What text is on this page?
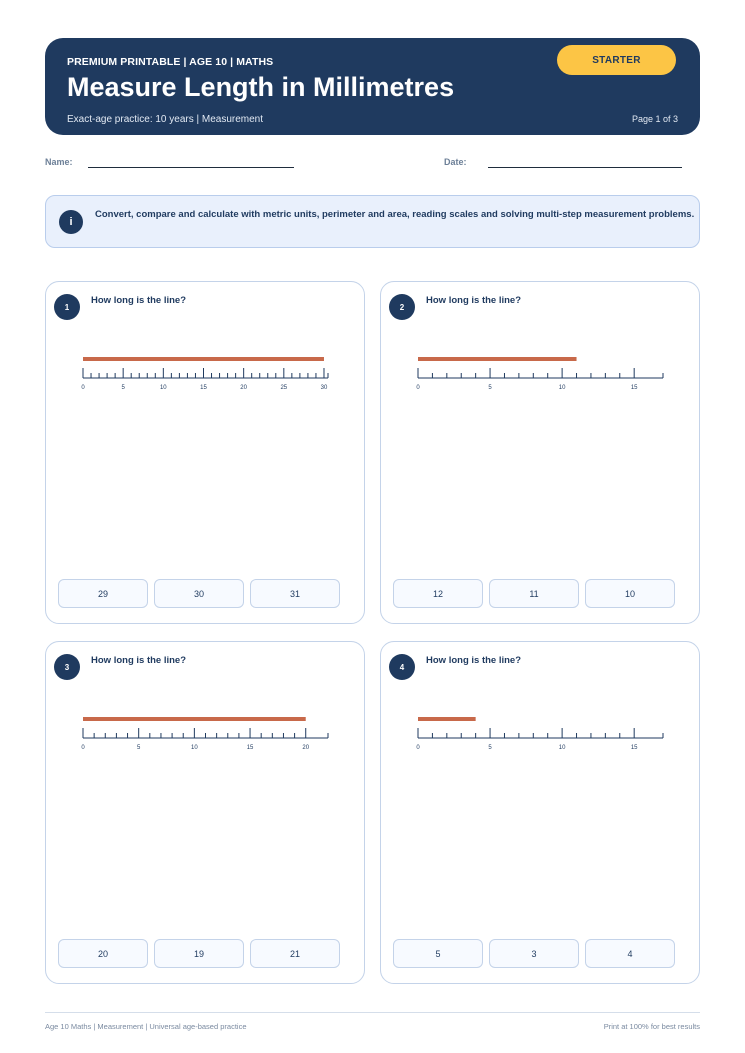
PREMIUM PRINTABLE | AGE 10 | MATHS
Measure Length in Millimetres
Exact-age practice: 10 years | Measurement	Page 1 of 3
STARTER
Name:	Date:
i
Convert, compare and calculate with metric units, perimeter and area, reading scales and solving multi-step measurement problems.
1
How long is the line?
0	5	10	15	20	25	30
29	30	31
2
How long is the line?
0	5	10	15
12	11	10
3
How long is the line?
0	5	10	15	20
20	19	21
4
How long is the line?
0	5	10	15
5	3	4
Age 10 Maths | Measurement | Universal age-based practice	Print at 100% for best results
